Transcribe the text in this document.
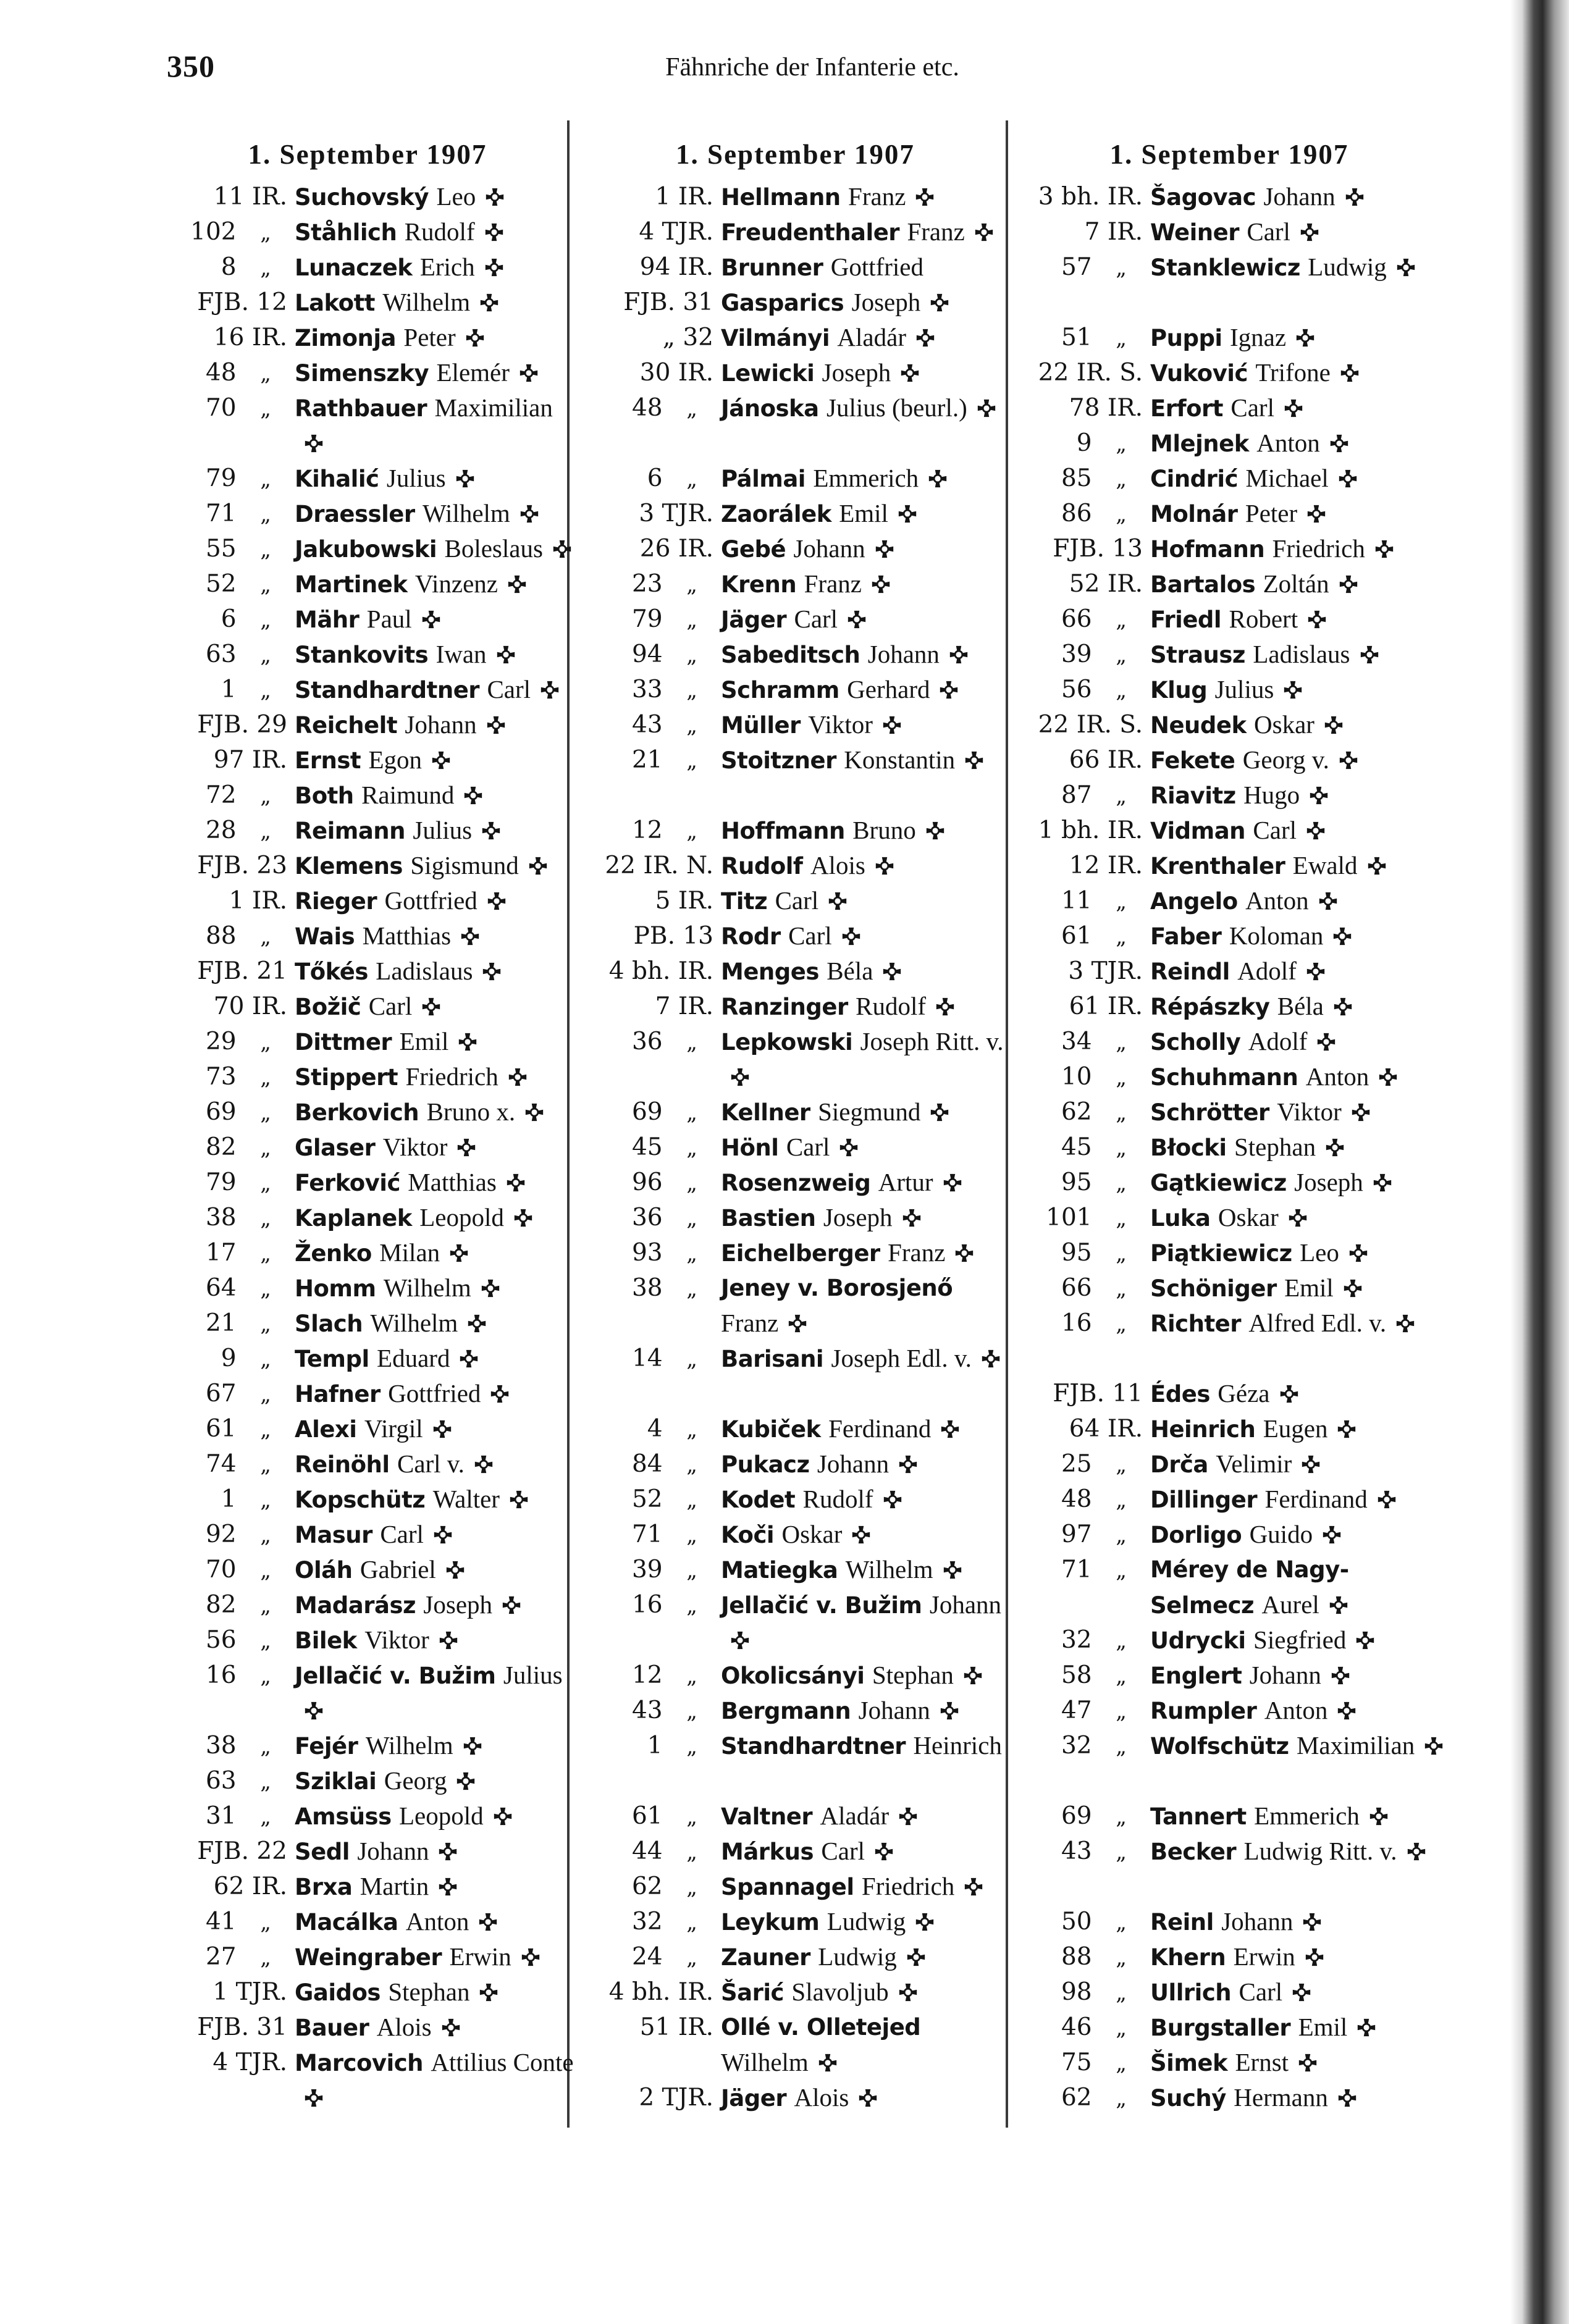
350	Fähnriche der Infanterie etc.
1. September 1907
11 IR. Suchovský Leo
102 „	Ståhlich Rudolf
8 „	Lunaczek Erich
FJB. 12 Lakott Wilhelm
16 IR. Zimonja Peter
48 „	Simenszky Elemér
70 „	Rathbauer Maximilian
79 „	Kihalić Julius
71 „	Draessler Wilhelm
55 „	Jakubowski Boleslaus
52 „	Martinek Vinzenz
6 „	Mähr Paul
63 „	Stankovits Iwan
1 „	Standhardtner Carl
FJB. 29 Reichelt Johann
97 IR. Ernst Egon
72 „	Both Raimund
28 „	Reimann Julius
FJB. 23 Klemens Sigismund
1 IR. Rieger Gottfried
88 „	Wais Matthias
FJB. 21 Tőkés Ladislaus
70 IR. Božič Carl
29 „	Dittmer Emil
73 „	Stippert Friedrich
69 „	Berkovich Bruno x.
82 „	Glaser Viktor
79 „	Ferković Matthias
38 „	Kaplanek Leopold
17 „	Ženko Milan
64 „	Homm Wilhelm
21 „	Slach Wilhelm
9 „	Templ Eduard
67 „	Hafner Gottfried
61 „	Alexi Virgil
74 „	Reinöhl Carl v.
1 „	Kopschütz Walter
92 „	Masur Carl
70 „	Oláh Gabriel
82 „	Madarász Joseph
56 „	Bilek Viktor
16 „	Jellačić v. Bužim Julius
38 „	Fejér Wilhelm
63 „	Sziklai Georg
31 „	Amsüss Leopold
FJB. 22 Sedl Johann
62 IR. Brxa Martin
41 „	Macálka Anton
27 „	Weingraber Erwin
1 TJR. Gaidos Stephan
FJB. 31 Bauer Alois
4 TJR. Marcovich Attilius Conte
1. September 1907
1 IR. Hellmann Franz
4 TJR. Freudenthaler Franz
94 IR. Brunner Gottfried
FJB. 31 Gasparics Joseph
„ 32 Vilmányi Aladár
30 IR. Lewicki Joseph
48 „	Jánoska Julius (beurl.)
6 „	Pálmai Emmerich
3 TJR. Zaorálek Emil
26 IR. Gebé Johann
23 „	Krenn Franz
79 „	Jäger Carl
94 „	Sabeditsch Johann
33 „	Schramm Gerhard
43 „	Müller Viktor
21 „	Stoitzner Konstantin
12 „	Hoffmann Bruno
22 IR. N. Rudolf Alois
5 IR. Titz Carl
PB. 13 Rodr Carl
4 bh. IR. Menges Béla
7 IR. Ranzinger Rudolf
36 „	Lepkowski Joseph Ritt. v.
69 „	Kellner Siegmund
45 „	Hönl Carl
96 „	Rosenzweig Artur
36 „	Bastien Joseph
93 „	Eichelberger Franz
38 „	Jeney v. Borosjenő Franz
14 „	Barisani Joseph Edl. v.
4 „	Kubiček Ferdinand
84 „	Pukacz Johann
52 „	Kodet Rudolf
71 „	Koči Oskar
39 „	Matiegka Wilhelm
16 „	Jellačić v. Bužim Johann
12 „	Okolicsányi Stephan
43 „	Bergmann Johann
1 „	Standhardtner Heinrich
61 „	Valtner Aladár
44 „	Márkus Carl
62 „	Spannagel Friedrich
32 „	Leykum Ludwig
24 „	Zauner Ludwig
4 bh. IR. Šarić Slavoljub
51 IR. Ollé v. Olletejed Wilhelm
2 TJR. Jäger Alois
1. September 1907
3 bh. IR. Šagovac Johann
7 IR. Weiner Carl
57 „	Stanklewicz Ludwig
51 „	Puppi Ignaz
22 IR. S. Vuković Trifone
78 IR. Erfort Carl
9 „	Mlejnek Anton
85 „	Cindrić Michael
86 „	Molnár Peter
FJB. 13 Hofmann Friedrich
52 IR. Bartalos Zoltán
66 „	Friedl Robert
39 „	Strausz Ladislaus
56 „	Klug Julius
22 IR. S. Neudek Oskar
66 IR. Fekete Georg v.
87 „	Riavitz Hugo
1 bh. IR. Vidman Carl
12 IR. Krenthaler Ewald
11 „	Angelo Anton
61 „	Faber Koloman
3 TJR. Reindl Adolf
61 IR. Répászky Béla
34 „	Scholly Adolf
10 „	Schuhmann Anton
62 „	Schrötter Viktor
45 „	Błocki Stephan
95 „	Gątkiewicz Joseph
101 „	Luka Oskar
95 „	Piątkiewicz Leo
66 „	Schöniger Emil
16 „	Richter Alfred Edl. v.
FJB. 11 Édes Géza
64 IR. Heinrich Eugen
25 „	Drča Velimir
48 „	Dillinger Ferdinand
97 „	Dorligo Guido
71 „	Mérey de Nagy-Selmecz Aurel
32 „	Udrycki Siegfried
58 „	Englert Johann
47 „	Rumpler Anton
32 „	Wolfschütz Maximilian
69 „	Tannert Emmerich
43 „	Becker Ludwig Ritt. v.
50 „	Reinl Johann
88 „	Khern Erwin
98 „	Ullrich Carl
46 „	Burgstaller Emil
75 „	Šimek Ernst
62 „	Suchý Hermann
